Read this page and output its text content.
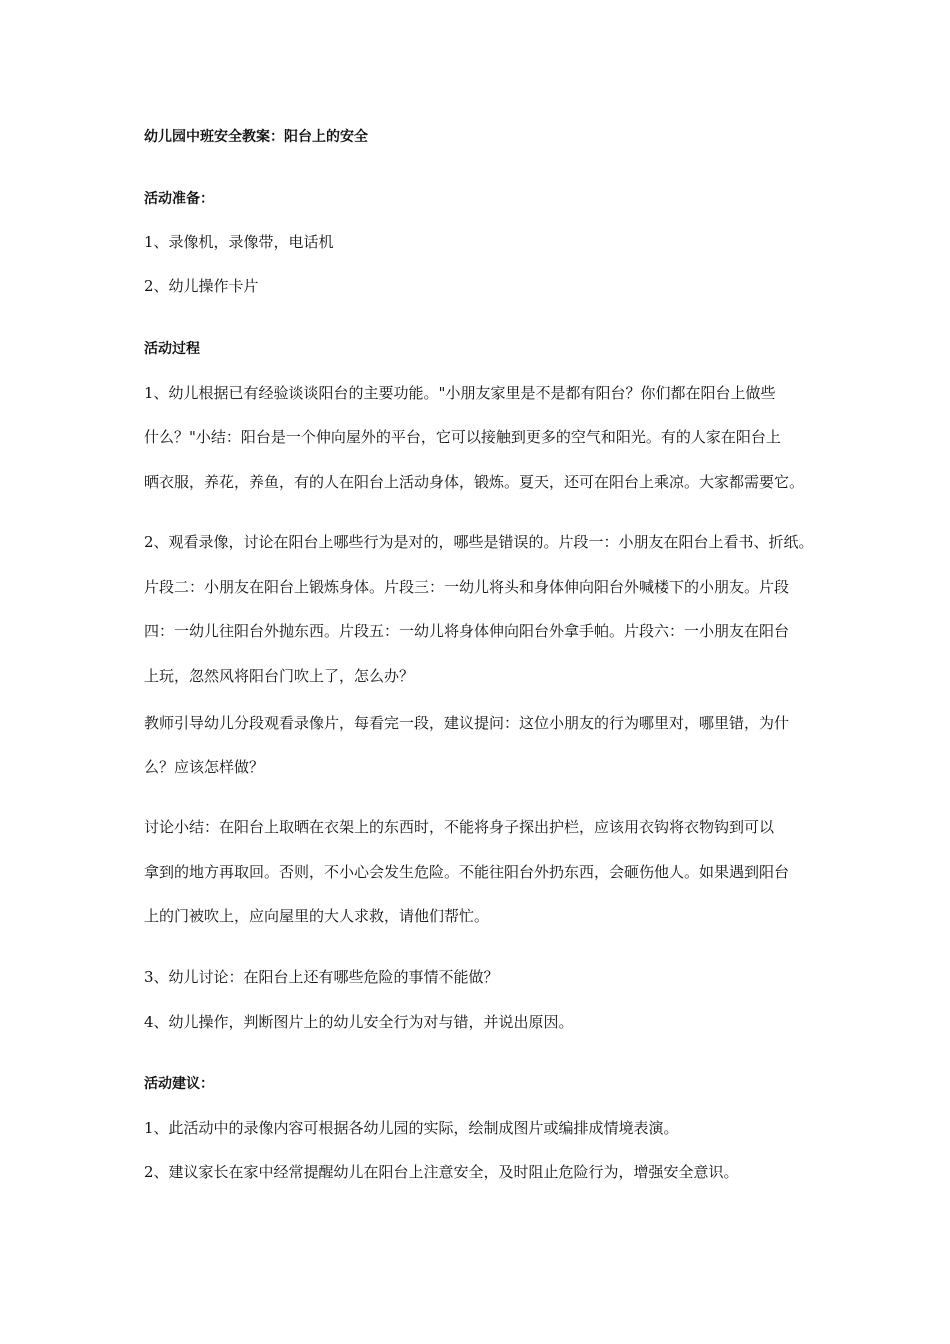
幼儿园中班安全教案：阳台上的安全
活动准备：
1、录像机，录像带，电话机
2、幼儿操作卡片
活动过程
1、幼儿根据已有经验谈谈阳台的主要功能。"小朋友家里是不是都有阳台？你们都在阳台上做些
什么？"小结：阳台是一个伸向屋外的平台，它可以接触到更多的空气和阳光。有的人家在阳台上
晒衣服，养花，养鱼，有的人在阳台上活动身体，锻炼。夏天，还可在阳台上乘凉。大家都需要它。
2、观看录像，讨论在阳台上哪些行为是对的，哪些是错误的。片段一：小朋友在阳台上看书、折纸。
片段二：小朋友在阳台上锻炼身体。片段三：一幼儿将头和身体伸向阳台外喊楼下的小朋友。片段
四：一幼儿往阳台外抛东西。片段五：一幼儿将身体伸向阳台外拿手帕。片段六：一小朋友在阳台
上玩，忽然风将阳台门吹上了，怎么办？
教师引导幼儿分段观看录像片，每看完一段，建议提问：这位小朋友的行为哪里对，哪里错，为什
么？应该怎样做？
讨论小结：在阳台上取晒在衣架上的东西时，不能将身子探出护栏，应该用衣钩将衣物钩到可以
拿到的地方再取回。否则，不小心会发生危险。不能往阳台外扔东西，会砸伤他人。如果遇到阳台
上的门被吹上，应向屋里的大人求救，请他们帮忙。
3、幼儿讨论：在阳台上还有哪些危险的事情不能做？
4、幼儿操作，判断图片上的幼儿安全行为对与错，并说出原因。
活动建议：
1、此活动中的录像内容可根据各幼儿园的实际，绘制成图片或编排成情境表演。
2、建议家长在家中经常提醒幼儿在阳台上注意安全，及时阻止危险行为，增强安全意识。
